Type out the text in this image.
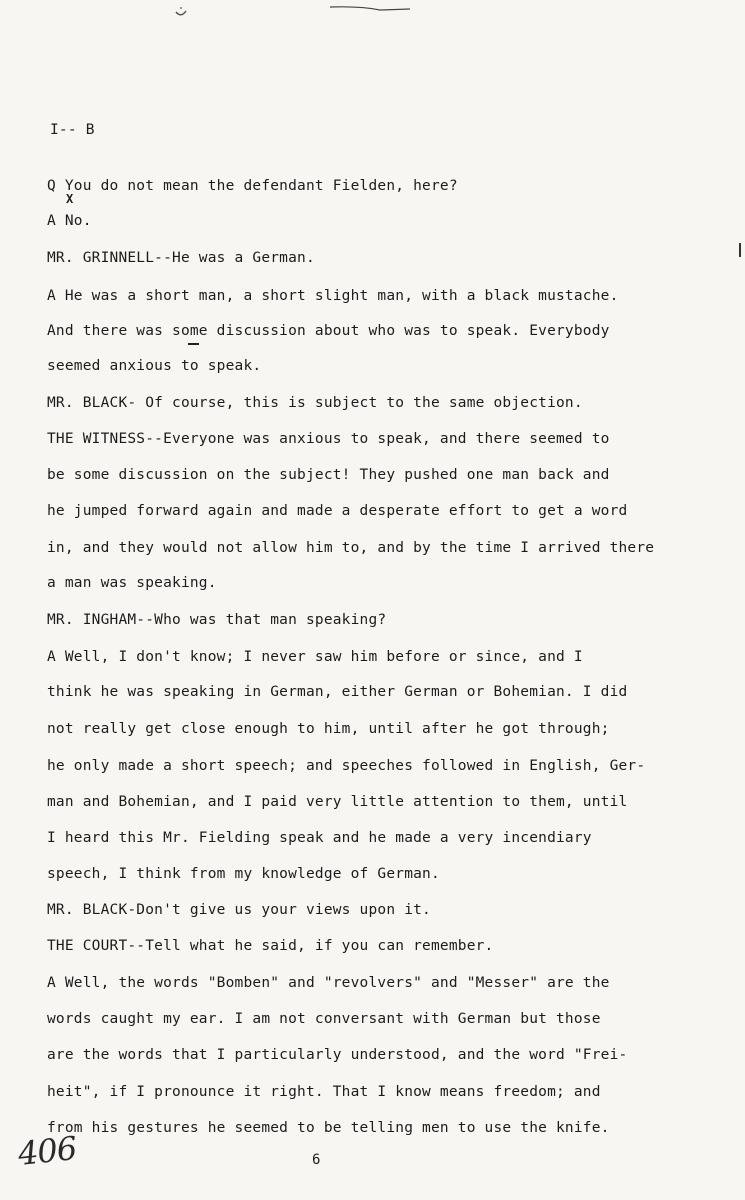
I-- B
Q You do not mean the defendant Fielden, here?
X
A No.
MR. GRINNELL--He was a German.
A He was a short man, a short slight man, with a black mustache.
And there was some discussion about who was to speak. Everybody
seemed anxious to speak.
MR. BLACK- Of course, this is subject to the same objection.
THE WITNESS--Everyone was anxious to speak, and there seemed to
be some discussion on the subject! They pushed one man back and
he jumped forward again and made a desperate effort to get a word
in, and they would not allow him to, and by the time I arrived there
a man was speaking.
MR. INGHAM--Who was that man speaking?
A Well, I don't know; I never saw him before or since, and I
think he was speaking in German, either German or Bohemian. I did
not really get close enough to him, until after he got through;
he only made a short speech; and speeches followed in English, Ger-
man and Bohemian, and I paid very little attention to them, until
I heard this Mr. Fielding speak and he made a very incendiary
speech, I think from my knowledge of German.
MR. BLACK-Don't give us your views upon it.
THE COURT--Tell what he said, if you can remember.
A Well, the words "Bomben" and "revolvers" and "Messer" are the
words caught my ear. I am not conversant with German but those
are the words that I particularly understood, and the word "Frei-
heit", if I pronounce it right. That I know means freedom; and
from his gestures he seemed to be telling men to use the knife.
406	6
